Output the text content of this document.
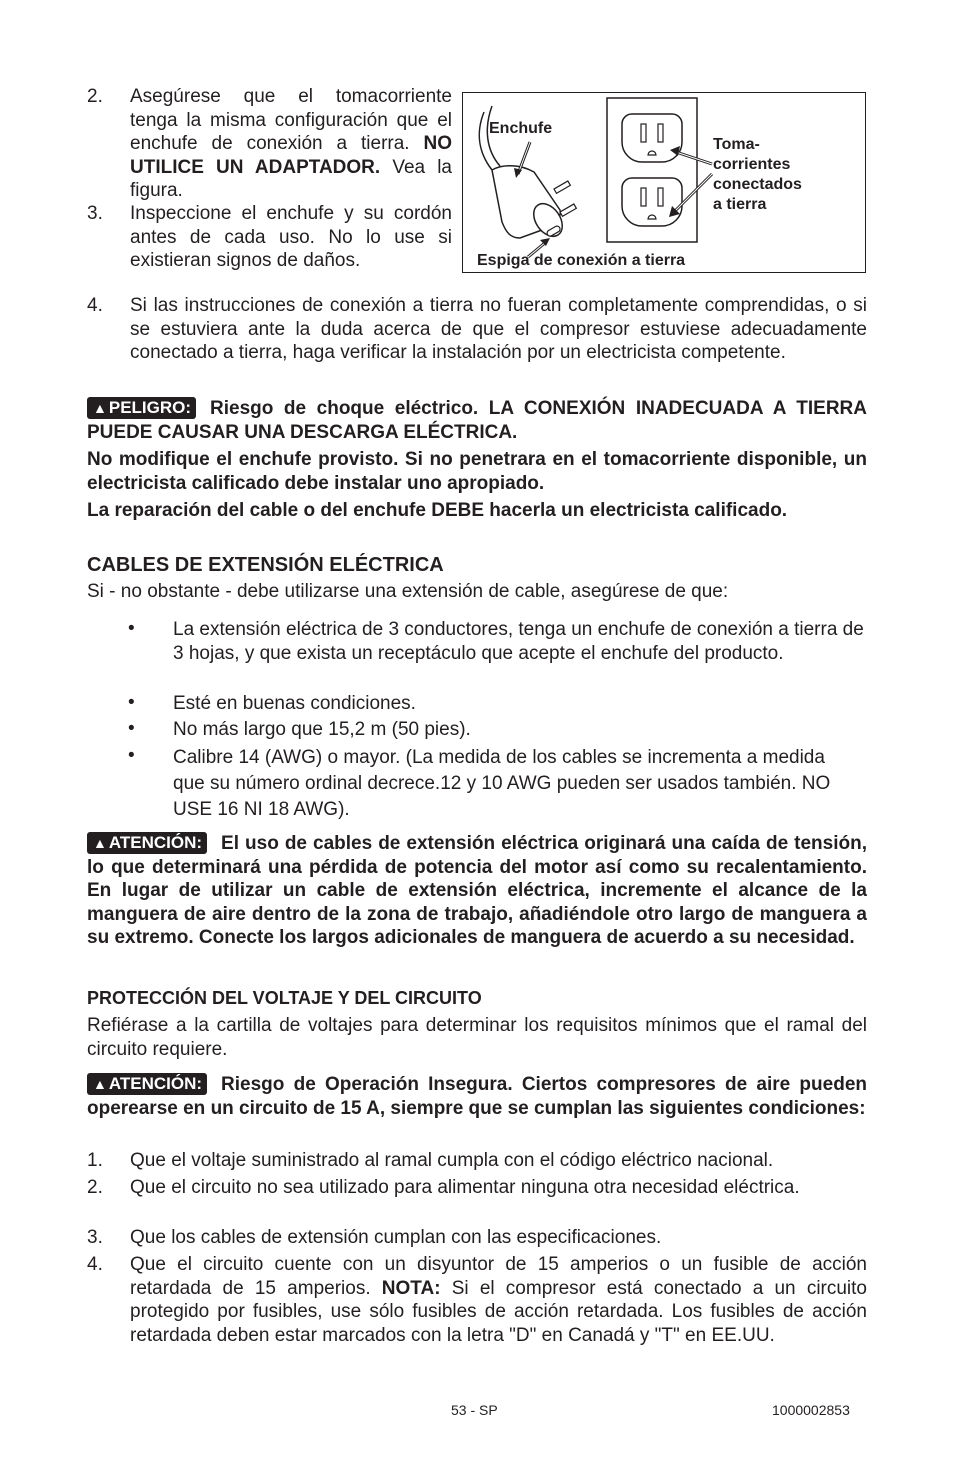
2.	Asegúrese que el tomacorriente tenga la misma configuración que el enchufe de conexión a tierra. NO UTILICE UN ADAPTADOR. Vea la figura.
3.	Inspeccione el enchufe y su cordón antes de cada uso. No lo use si existieran signos de daños.
Enchufe
Toma-
corrientes
conectados
a tierra
Espiga de conexión a tierra
4.	Si las instrucciones de conexión a tierra no fueran completamente comprendidas, o si se estuviera ante la duda acerca de que el compresor estuviese adecuadamente conectado a tierra, haga verificar la instalación por un electricista competente.
▲ PELIGRO: Riesgo de choque eléctrico. LA CONEXIÓN INADECUADA A TIERRA PUEDE CAUSAR UNA DESCARGA ELÉCTRICA.
No modifique el enchufe provisto. Si no penetrara en el tomacorriente disponible, un electricista calificado debe instalar uno apropiado.
La reparación del cable o del enchufe DEBE hacerla un electricista calificado.
CABLES DE EXTENSIÓN ELÉCTRICA
Si - no obstante - debe utilizarse una extensión de cable, asegúrese de que:
• La extensión eléctrica de 3 conductores, tenga un enchufe de conexión a tierra de 3 hojas, y que exista un receptáculo que acepte el enchufe del producto.
• Esté en buenas condiciones.
• No más largo que 15,2 m (50 pies).
• Calibre 14 (AWG) o mayor. (La medida de los cables se incrementa a medida que su número ordinal decrece.12 y 10 AWG pueden ser usados también. NO USE 16 NI 18 AWG).
▲ ATENCIÓN: El uso de cables de extensión eléctrica originará una caída de tensión, lo que determinará una pérdida de potencia del motor así como su recalentamiento. En lugar de utilizar un cable de extensión eléctrica, incremente el alcance de la manguera de aire dentro de la zona de trabajo, añadiéndole otro largo de manguera a su extremo. Conecte los largos adicionales de manguera de acuerdo a su necesidad.
PROTECCIÓN DEL VOLTAJE Y DEL CIRCUITO
Refiérase a la cartilla de voltajes para determinar los requisitos mínimos que el ramal del circuito requiere.
▲ ATENCIÓN: Riesgo de Operación Insegura. Ciertos compresores de aire pueden operearse en un circuito de 15 A, siempre que se cumplan las siguientes condiciones:
1.	Que el voltaje suministrado al ramal cumpla con el código eléctrico nacional.
2.	Que el circuito no sea utilizado para alimentar ninguna otra necesidad eléctrica.
3.	Que los cables de extensión cumplan con las especificaciones.
4.	Que el circuito cuente con un disyuntor de 15 amperios o un fusible de acción retardada de 15 amperios. NOTA: Si el compresor está conectado a un circuito protegido por fusibles, use sólo fusibles de acción retardada. Los fusibles de acción retardada deben estar marcados con la letra "D" en Canadá y "T" en EE.UU.
53 - SP	1000002853
